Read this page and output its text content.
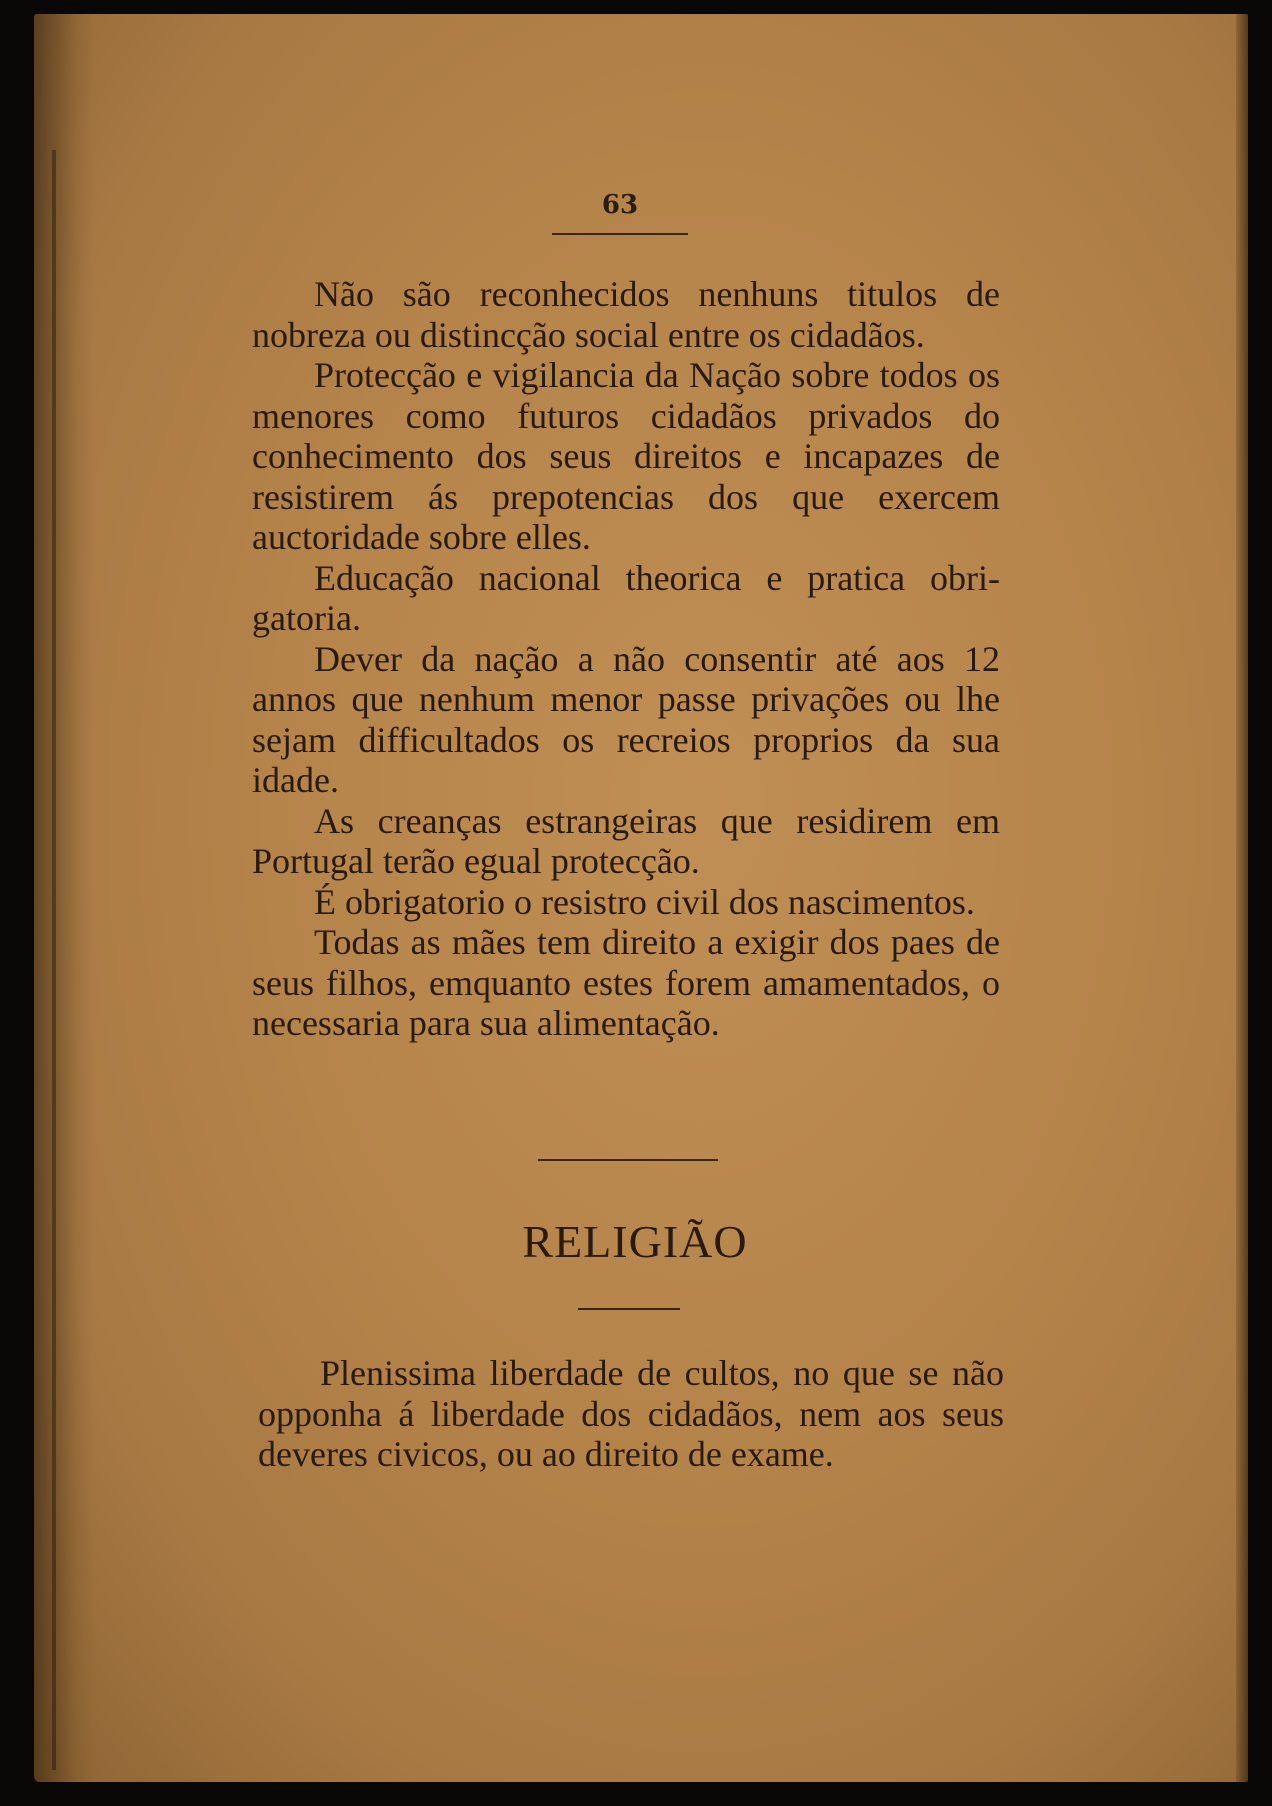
63

Não são reconhecidos nenhuns titulos de nobreza ou distincção social entre os cidadãos.

Protecção e vigilancia da Nação sobre todos os menores como futuros cidadãos privados do conhecimento dos seus direitos e incapazes de resistirem ás prepotencias dos que exercem auctoridade sobre elles.

Educação nacional theorica e pratica obrigatoria.

Dever da nação a não consentir até aos 12 annos que nenhum menor passe privações ou lhe sejam difficultados os recreios proprios da sua idade.

As creanças estrangeiras que residirem em Portugal terão egual protecção.

É obrigatorio o resistro civil dos nascimentos.

Todas as mães tem direito a exigir dos paes de seus filhos, emquanto estes forem amamentados, o necessaria para sua alimentação.

RELIGIÃO

Plenissima liberdade de cultos, no que se não opponha á liberdade dos cidadãos, nem aos seus deveres civicos, ou ao direito de exame.
